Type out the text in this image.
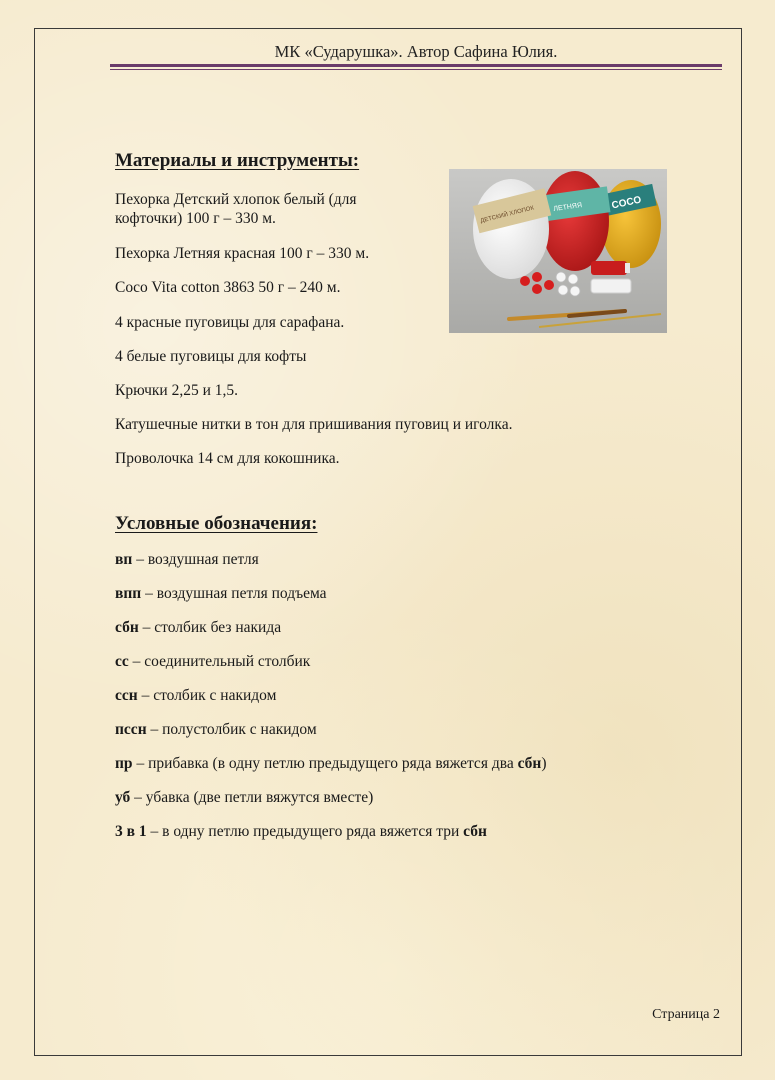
МК «Сударушка». Автор Сафина Юлия.
Материалы и инструменты:
Пехорка Детский хлопок белый (для кофточки) 100 г – 330 м.
Пехорка Летняя красная 100 г – 330 м.
Coco Vita cotton 3863 50 г – 240 м.
4 красные пуговицы для сарафана.
4 белые пуговицы для кофты
Крючки 2,25 и 1,5.
Катушечные нитки в тон для пришивания пуговиц и иголка.
Проволочка 14 см для кокошника.
COCO
ЛЕТНЯЯ
ДЕТСКИЙ ХЛОПОК
Условные обозначения:
вп – воздушная петля
впп – воздушная петля подъема
сбн – столбик без накида
сс – соединительный столбик
ссн – столбик с накидом
пссн – полустолбик с накидом
пр – прибавка (в одну петлю предыдущего ряда вяжется два сбн)
уб – убавка (две петли вяжутся вместе)
3 в 1 – в одну петлю предыдущего ряда вяжется три сбн
Страница 2
